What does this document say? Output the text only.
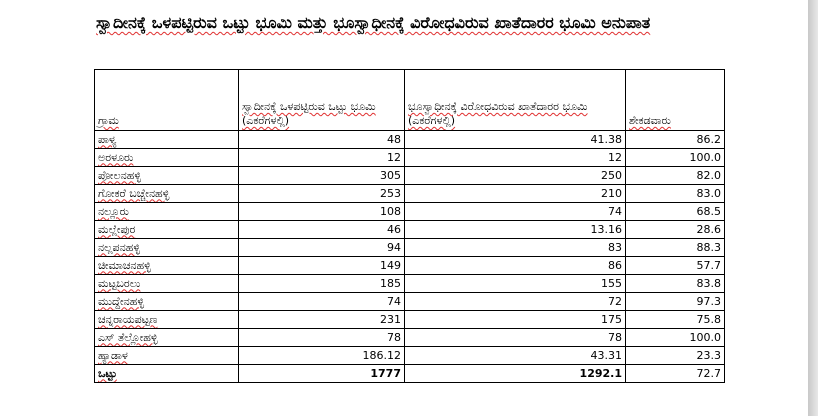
ಸ್ವಾದೀನಕ್ಕೆ ಒಳಪಟ್ಟಿರುವ ಒಟ್ಟು ಭೂಮಿ ಮತ್ತು ಭೂಸ್ವಾಧೀನಕ್ಕೆ ವಿರೋಧವಿರುವ ಖಾತೆದಾರರ ಭೂಮಿ ಅನುಪಾತ
ಗ್ರಾಮ	ಸ್ವಾದೀನಕ್ಕೆ ಒಳಪಟ್ಟಿರುವ ಒಟ್ಟು ಭೂಮಿ (ಎಕರೆಗಳಲ್ಲಿ)	ಭೂಸ್ವಾಧೀನಕ್ಕೆ ವಿರೋಧವಿರುವ ಖಾತೆದಾರರ ಭೂಮಿ (ಎಕರೆಗಳಲ್ಲಿ)	ಶೇಕಡವಾರು
ಪಾಳ್ಯ	48	41.38	86.2
ಅರಳೂರು	12	12	100.0
ಪೋಲನಹಳ್ಳಿ	305	250	82.0
ಗೋಕರೆ ಬಚ್ಚೇನಹಳ್ಳಿ	253	210	83.0
ನಲ್ಲೂರು	108	74	68.5
ಮಲ್ಲೇಪುರ	46	13.16	28.6
ನಲ್ಲಪನಹಳ್ಳಿ	94	83	88.3
ಚೀಮಾಚನಹಳ್ಳಿ	149	86	57.7
ಮಟ್ಟಬರಲು	185	155	83.8
ಮುದ್ದೇನಹಳ್ಳಿ	74	72	97.3
ಚನ್ನರಾಯಪಟ್ಟಣ	231	175	75.8
ಎಸ್ ತೆಲ್ಲೋಹಳ್ಳಿ	78	78	100.0
ಹ್ಯಾಡಾಳ	186.12	43.31	23.3
ಒಟ್ಟು	1777	1292.1	72.7
